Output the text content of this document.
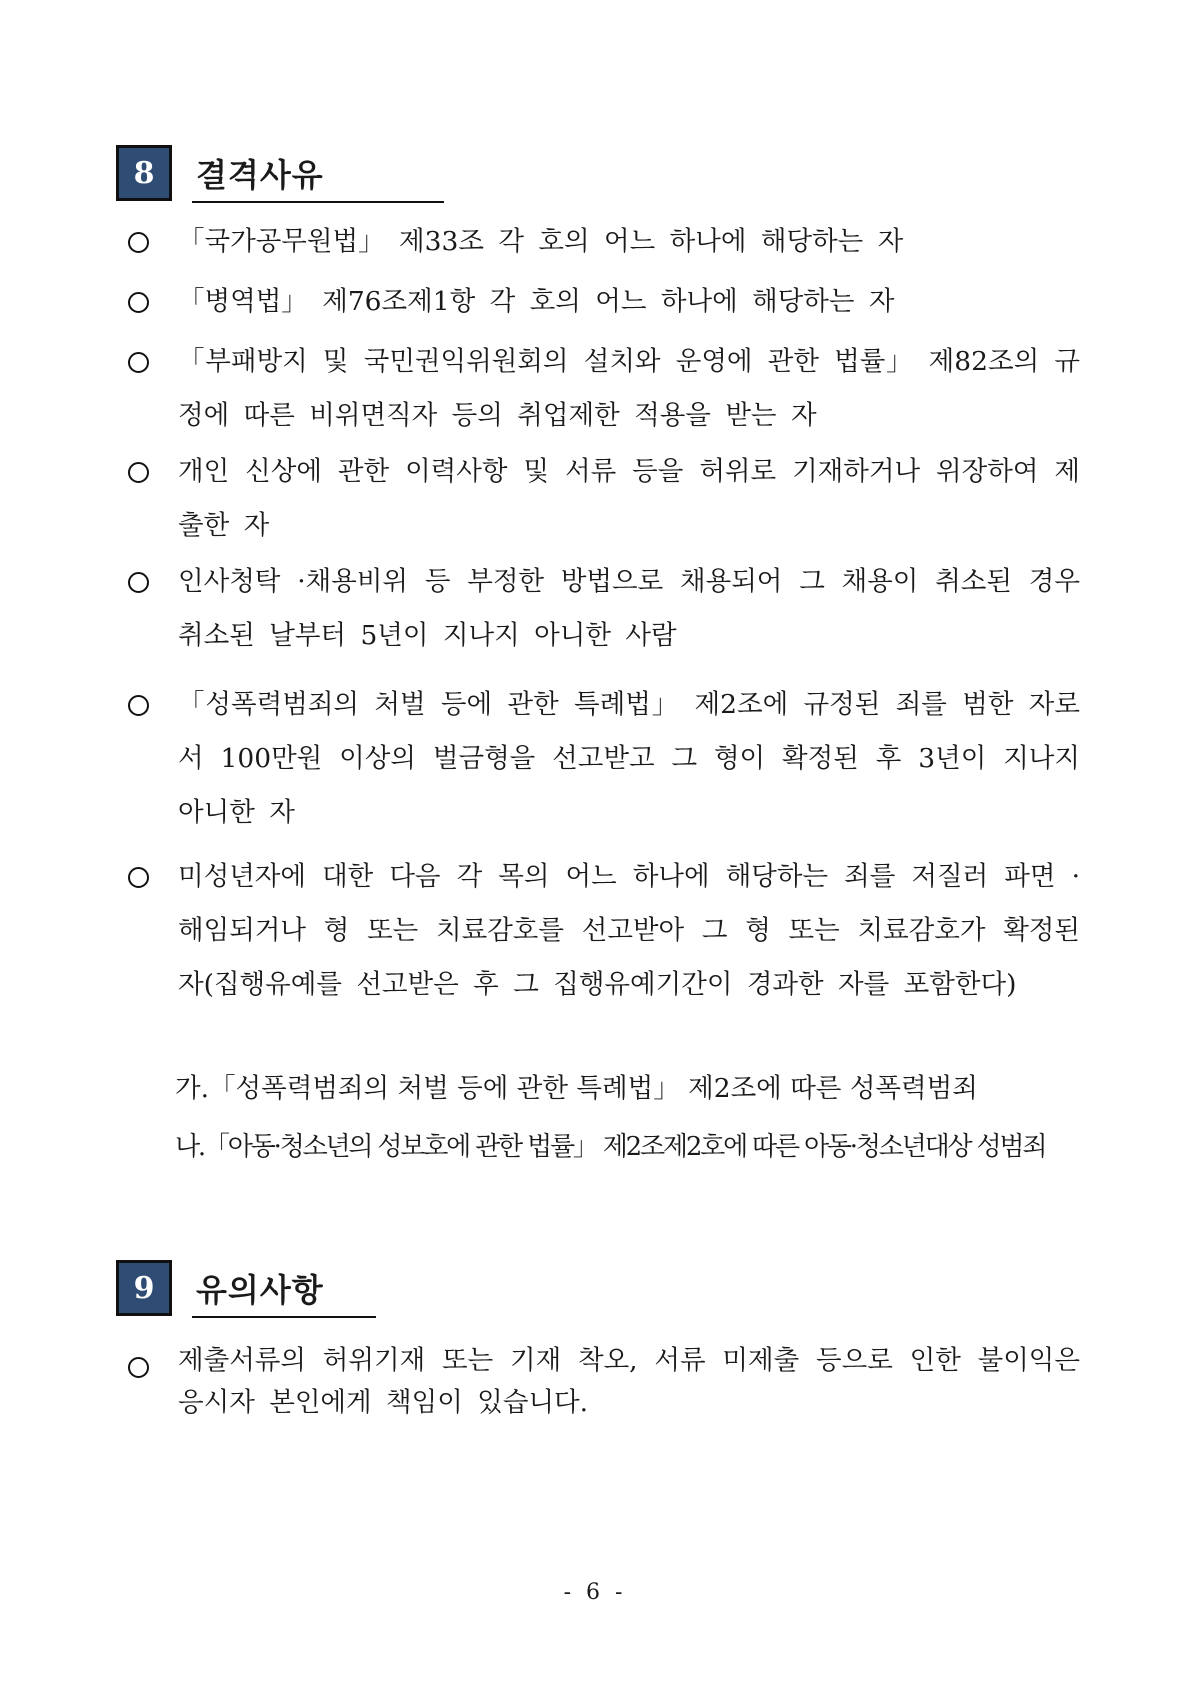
8	결격사유
「국가공무원법」 제33조 각 호의 어느 하나에 해당하는 자
「병역법」 제76조제1항 각 호의 어느 하나에 해당하는 자
「부패방지 및 국민권익위원회의 설치와 운영에 관한 법률」 제82조의 규정에 따른 비위면직자 등의 취업제한 적용을 받는 자
개인 신상에 관한 이력사항 및 서류 등을 허위로 기재하거나 위장하여 제출한 자
인사청탁 ·채용비위 등 부정한 방법으로 채용되어 그 채용이 취소된 경우 취소된 날부터 5년이 지나지 아니한 사람
「성폭력범죄의 처벌 등에 관한 특례법」 제2조에 규정된 죄를 범한 자로서 100만원 이상의 벌금형을 선고받고 그 형이 확정된 후 3년이 지나지 아니한 자
미성년자에 대한 다음 각 목의 어느 하나에 해당하는 죄를 저질러 파면 ·해임되거나 형 또는 치료감호를 선고받아 그 형 또는 치료감호가 확정된 자(집행유예를 선고받은 후 그 집행유예기간이 경과한 자를 포함한다)
가.「성폭력범죄의 처벌 등에 관한 특례법」 제2조에 따른 성폭력범죄
나.「아동·청소년의 성보호에 관한 법률」 제2조제2호에 따른 아동·청소년대상 성범죄
9	유의사항
제출서류의 허위기재 또는 기재 착오, 서류 미제출 등으로 인한 불이익은 응시자 본인에게 책임이 있습니다.
- 6 -
